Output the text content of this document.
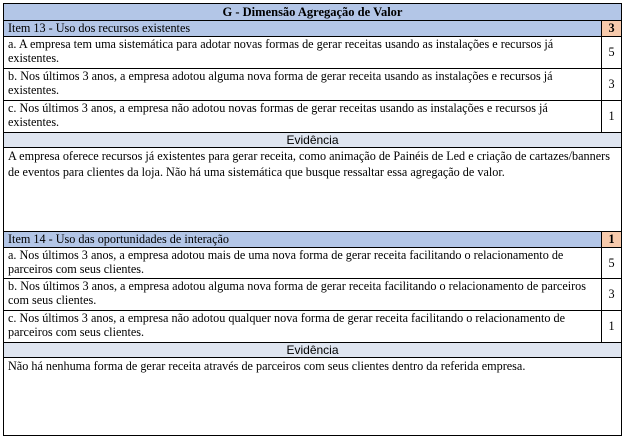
G - Dimensão Agregação de Valor
Item 13 - Uso dos recursos existentes	3
a. A empresa tem uma sistemática para adotar novas formas de gerar receitas usando as instalações e recursos já existentes.	5
b. Nos últimos 3 anos, a empresa adotou alguma nova forma de gerar receita usando as instalações e recursos já existentes.	3
c. Nos últimos 3 anos, a empresa não adotou novas formas de gerar receitas usando as instalações e recursos já existentes.	1
Evidência
A empresa oferece recursos já existentes para gerar receita, como animação de Painéis de Led e criação de cartazes/banners de eventos para clientes da loja. Não há uma sistemática que busque ressaltar essa agregação de valor.
Item 14 - Uso das oportunidades de interação	1
a. Nos últimos 3 anos, a empresa adotou mais de uma nova forma de gerar receita facilitando o relacionamento de parceiros com seus clientes.	5
b. Nos últimos 3 anos, a empresa adotou alguma nova forma de gerar receita facilitando o relacionamento de parceiros com seus clientes.	3
c. Nos últimos 3 anos, a empresa não adotou qualquer nova forma de gerar receita facilitando o relacionamento de parceiros com seus clientes.	1
Evidência
Não há nenhuma forma de gerar receita através de parceiros com seus clientes dentro da referida empresa.
